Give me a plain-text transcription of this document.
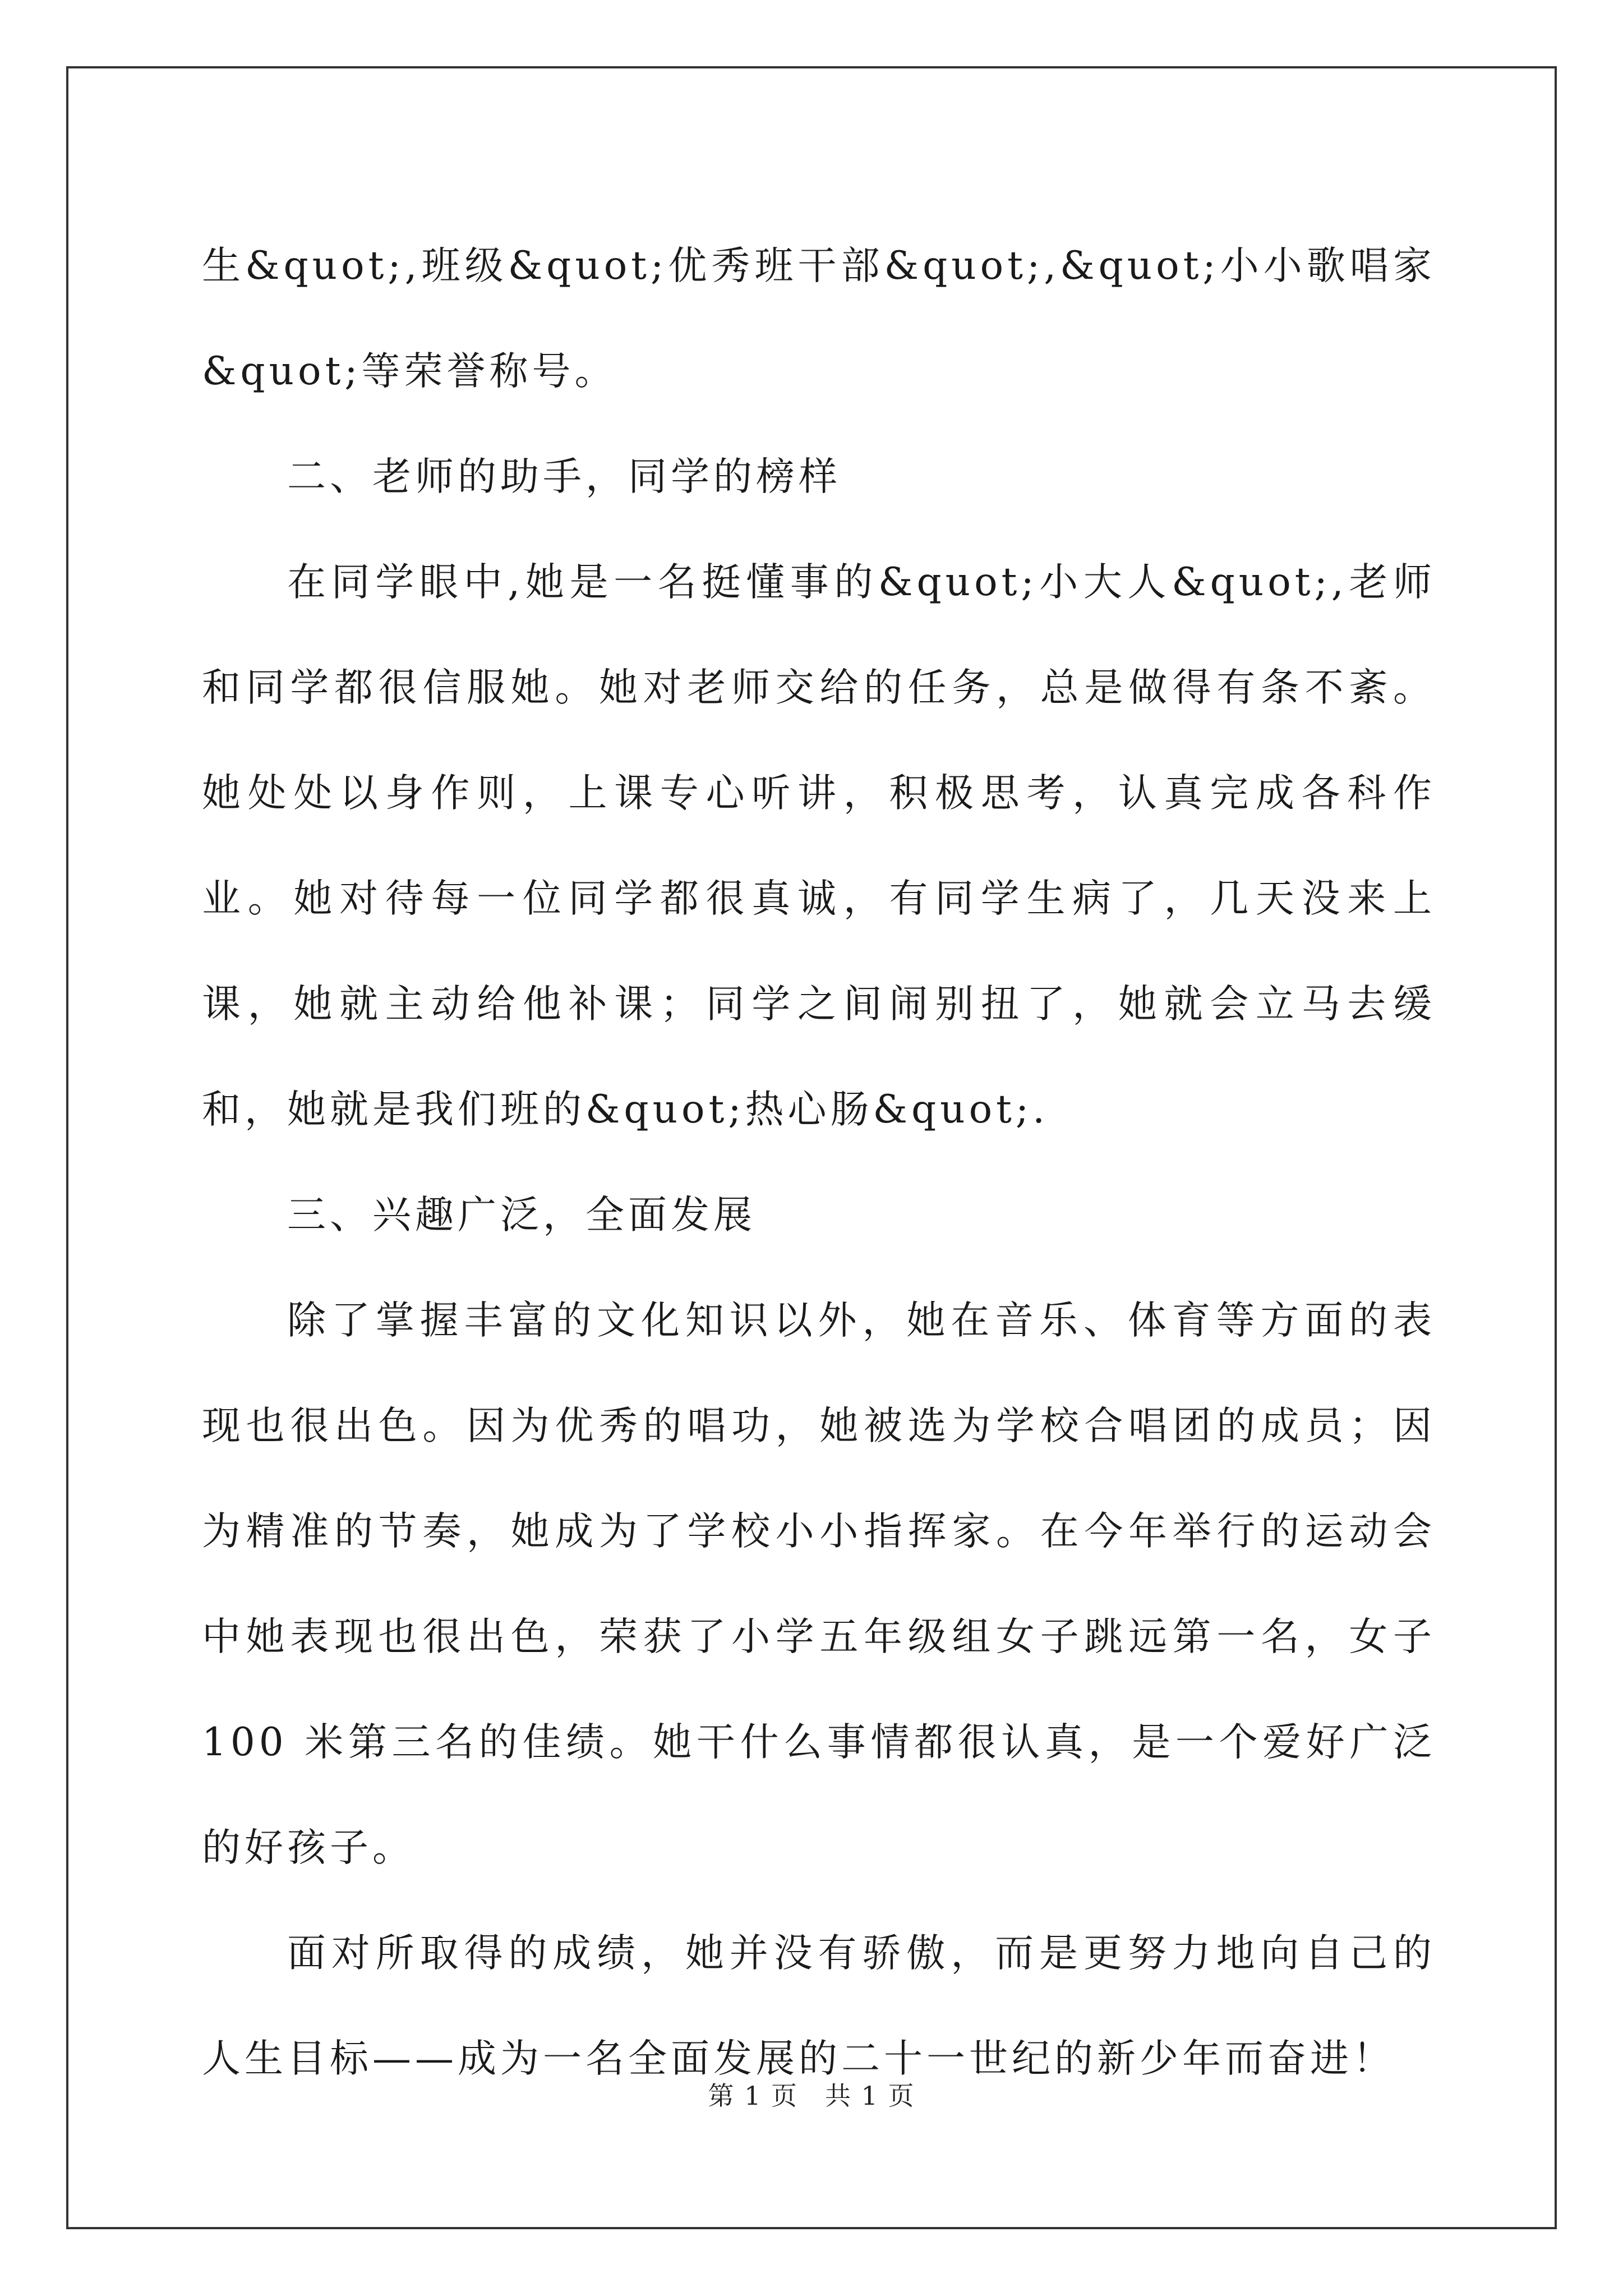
生&quot;,班级&quot;优秀班干部&quot;,&quot;小小歌唱家&quot;等荣誉称号。

二、老师的助手，同学的榜样

在同学眼中,她是一名挺懂事的&quot;小大人&quot;,老师和同学都很信服她。她对老师交给的任务，总是做得有条不紊。她处处以身作则，上课专心听讲，积极思考，认真完成各科作业。她对待每一位同学都很真诚，有同学生病了，几天没来上课，她就主动给他补课；同学之间闹别扭了，她就会立马去缓和，她就是我们班的&quot;热心肠&quot;.

三、兴趣广泛，全面发展

除了掌握丰富的文化知识以外，她在音乐、体育等方面的表现也很出色。因为优秀的唱功，她被选为学校合唱团的成员；因为精准的节奏，她成为了学校小小指挥家。在今年举行的运动会中她表现也很出色，荣获了小学五年级组女子跳远第一名，女子 100 米第三名的佳绩。她干什么事情都很认真，是一个爱好广泛的好孩子。

面对所取得的成绩，她并没有骄傲，而是更努力地向自己的人生目标——成为一名全面发展的二十一世纪的新少年而奋进！

第 1 页 共 1 页
